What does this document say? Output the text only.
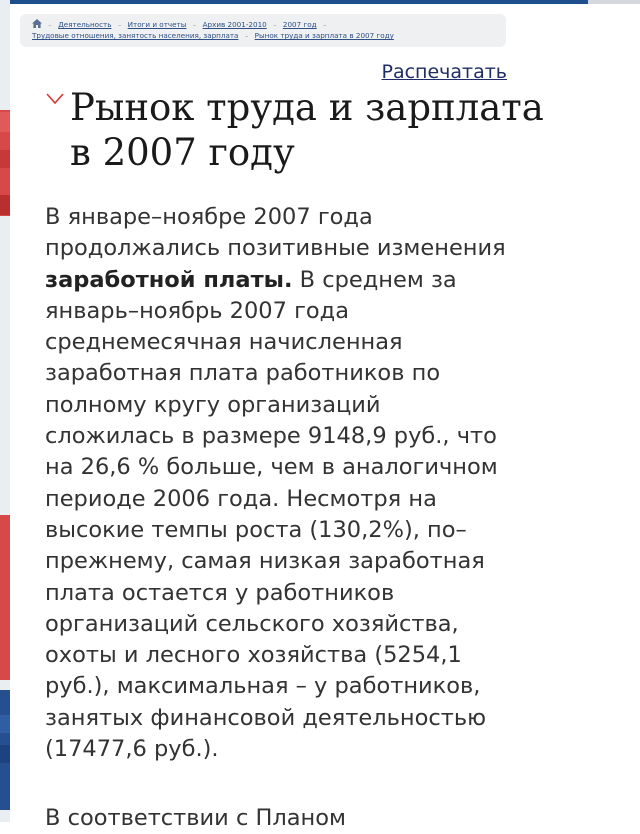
– Деятельность – Итоги и отчеты – Архив 2001-2010 – 2007 год –
Трудовые отношения, занятость населения, зарплата – Рынок труда и зарплата в 2007 году
Распечатать
Рынок труда и зарплата в 2007 году

В январе–ноябре 2007 года продолжались позитивные изменения заработной платы. В среднем за январь–ноябрь 2007 года среднемесячная начисленная заработная плата работников по полному кругу организаций сложилась в размере 9148,9 руб., что на 26,6 % больше, чем в аналогичном периоде 2006 года. Несмотря на высокие темпы роста (130,2%), по–прежнему, самая низкая заработная плата остается у работников организаций сельского хозяйства, охоты и лесного хозяйства (5254,1 руб.), максимальная – у работников, занятых финансовой деятельностью (17477,6 руб.).

В соответствии с Планом
